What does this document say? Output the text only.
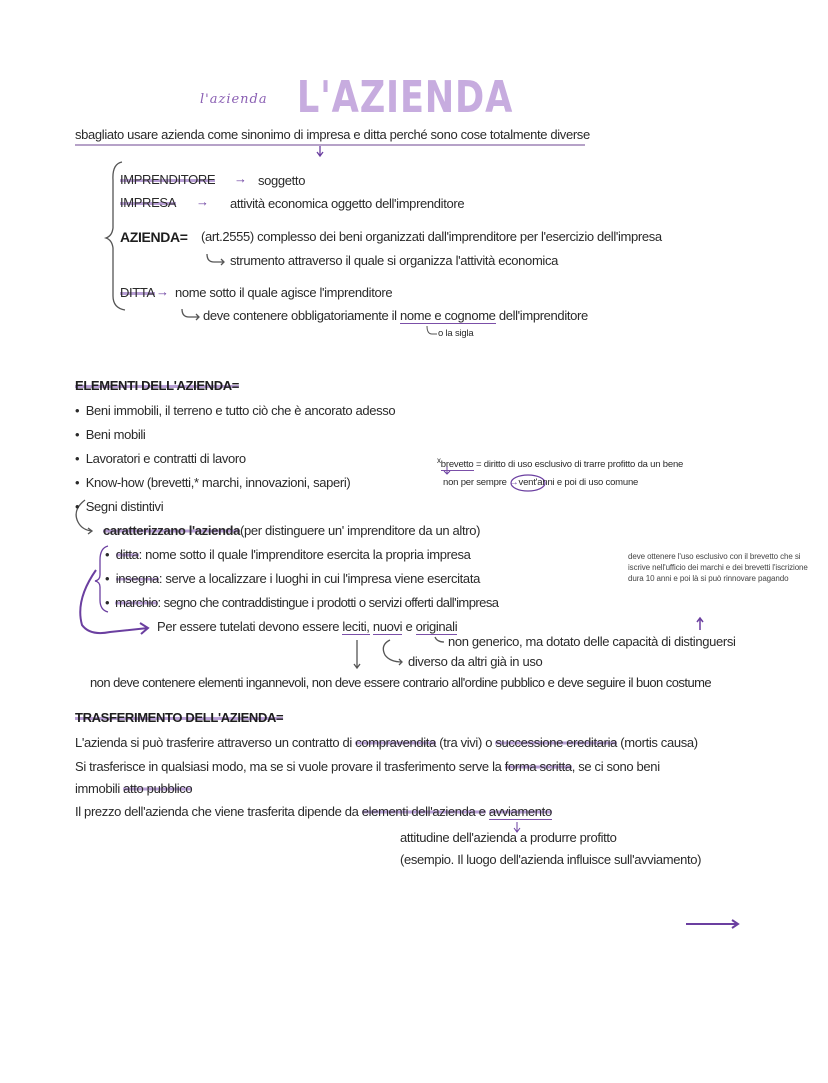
L'AZIENDA
l'azienda
sbagliato usare azienda come sinonimo di impresa e ditta perché sono cose totalmente diverse
IMPRENDITORE → soggetto
IMPRESA → attività economica oggetto dell'imprenditore
AZIENDA= (art.2555) complesso dei beni organizzati dall'imprenditore per l'esercizio dell'impresa
strumento attraverso il quale si organizza l'attività economica
DITTA → nome sotto il quale agisce l'imprenditore
deve contenere obbligatoriamente il nome e cognome dell'imprenditore
o la sigla
ELEMENTI DELL'AZIENDA=
•  Beni immobili, il terreno e tutto ciò che è ancorato adesso
•  Beni mobili
•  Lavoratori e contratti di lavoro
•  Know-how (brevetti,* marchi, innovazioni, saperi)
•  Segni distintivi
$^x$brevetto = diritto di uso esclusivo di trarre profitto da un bene
non per sempre →vent'anni e poi di uso comune
caratterizzano l'azienda(per distinguere un' imprenditore da un altro)
•  ditta: nome sotto il quale l'imprenditore esercita la propria impresa
•  insegna: serve a localizzare i luoghi in cui l'impresa viene esercitata
•  marchio: segno che contraddistingue i prodotti o servizi offerti dall'impresa
deve ottenere l'uso esclusivo con il brevetto che si
iscrive nell'ufficio dei marchi e dei brevetti l'iscrizione
dura 10 anni e poi là si può rinnovare pagando
Per essere tutelati devono essere leciti, nuovi e originali
non generico, ma dotato delle capacità di distinguersi
diverso da altri già in uso
non deve contenere elementi ingannevoli, non deve essere contrario all'ordine pubblico e deve seguire il buon costume
TRASFERIMENTO DELL'AZIENDA=
L'azienda si può trasferire attraverso un contratto di compravendita (tra vivi) o successione ereditaria (mortis causa)
Si trasferisce in qualsiasi modo, ma se si vuole provare il trasferimento serve la forma scritta, se ci sono beni
immobili atto pubblico
Il prezzo dell'azienda che viene trasferita dipende da elementi dell'azienda e avviamento
attitudine dell'azienda a produrre profitto
(esempio. Il luogo dell'azienda influisce sull'avviamento)
